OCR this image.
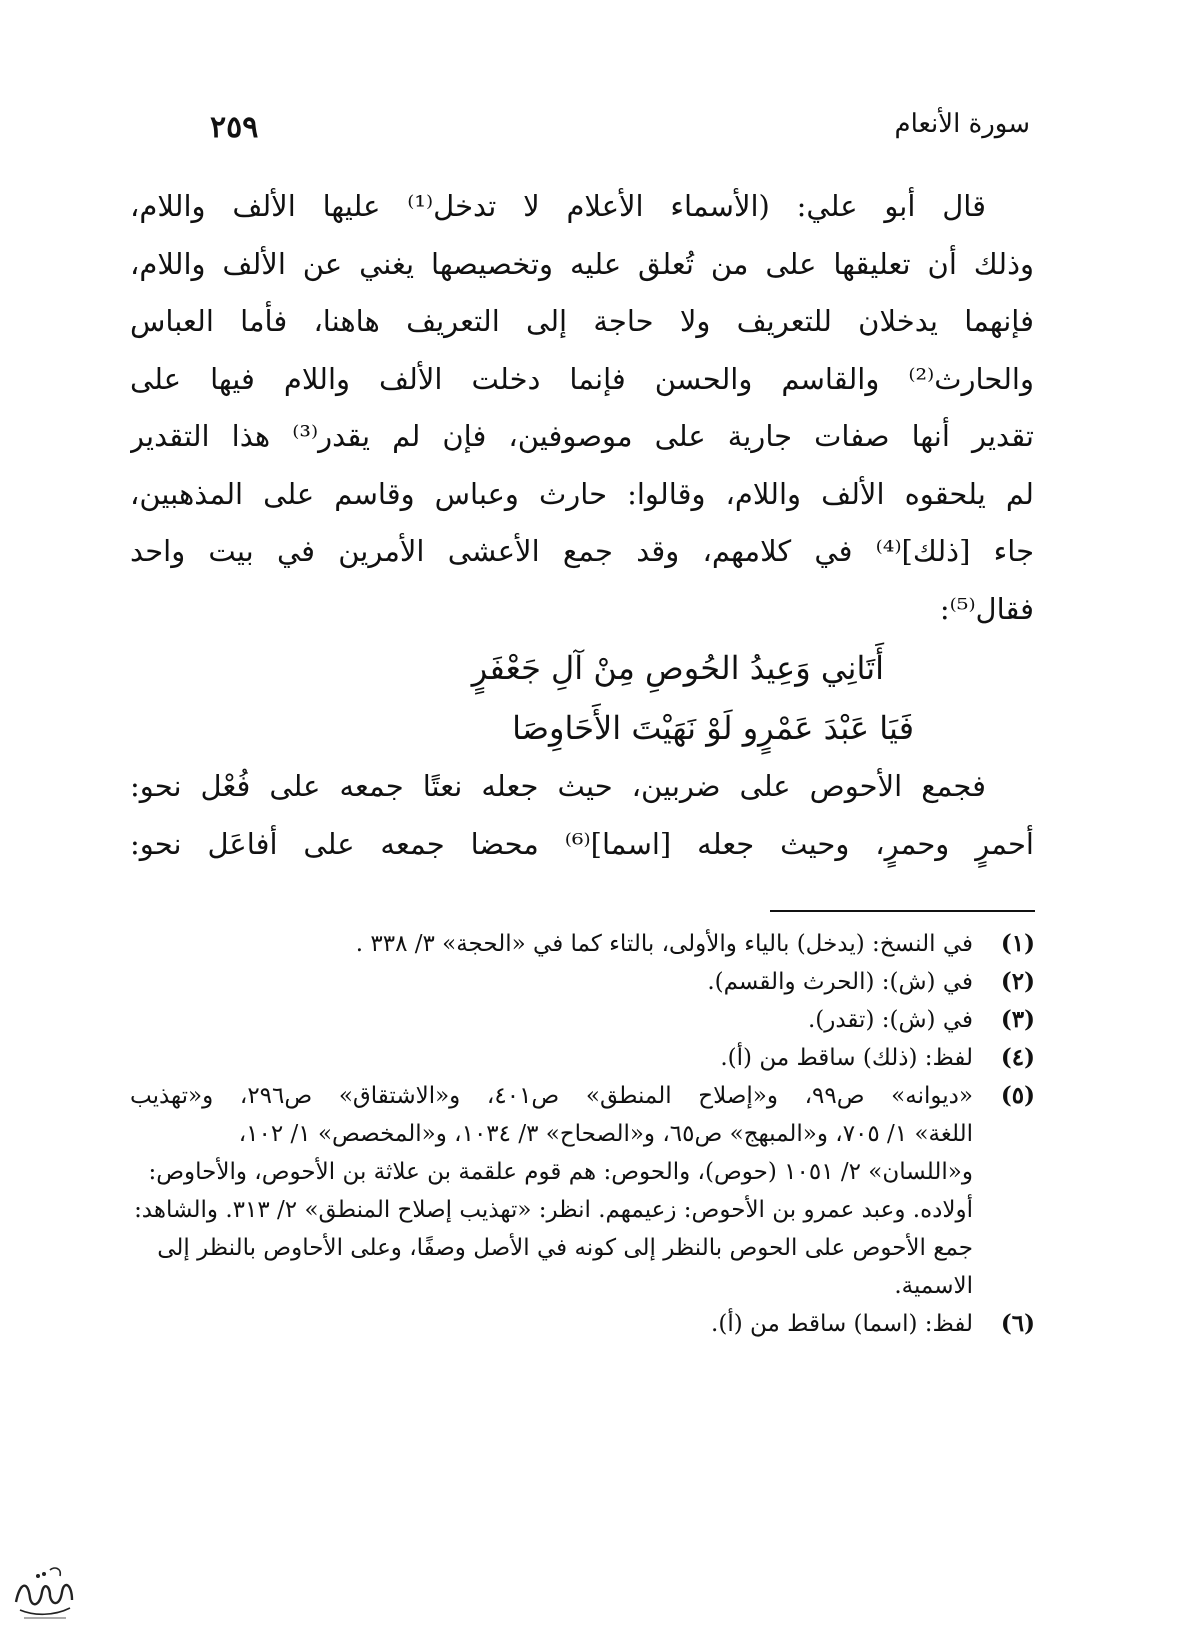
سورة الأنعام
٢٥٩

قال أبو علي: (الأسماء الأعلام لا تدخل⁽¹⁾ عليها الألف واللام،
وذلك أن تعليقها على من تُعلق عليه وتخصيصها يغني عن الألف واللام،
فإنهما يدخلان للتعريف ولا حاجة إلى التعريف هاهنا، فأما العباس
والحارث⁽²⁾ والقاسم والحسن فإنما دخلت الألف واللام فيها على
تقدير أنها صفات جارية على موصوفين، فإن لم يقدر⁽³⁾ هذا التقدير
لم يلحقوه الألف واللام، وقالوا: حارث وعباس وقاسم على المذهبين،
جاء [ذلك]⁽⁴⁾ في كلامهم، وقد جمع الأعشى الأمرين في بيت واحد
فقال⁽⁵⁾:

أَتَانِي وَعِيدُ الحُوصِ مِنْ آلِ جَعْفَرٍ
فَيَا عَبْدَ عَمْرٍو لَوْ نَهَيْتَ الأَحَاوِصَا

فجمع الأحوص على ضربين، حيث جعله نعتًا جمعه على فُعْل نحو:
أحمرٍ وحمرٍ، وحيث جعله [اسما]⁽⁶⁾ محضا جمعه على أفاعَل نحو:

(١)
في النسخ: (يدخل) بالياء والأولى، بالتاء كما في «الحجة» ٣/ ٣٣٨ .
(٢)
في (ش): (الحرث والقسم).
(٣)
في (ش): (تقدر).
(٤)
لفظ: (ذلك) ساقط من (أ).
(٥)
«ديوانه» ص٩٩، و«إصلاح المنطق» ص٤٠١، و«الاشتقاق» ص٢٩٦، و«تهذيب
اللغة» ١/ ٧٠٥، و«المبهج» ص٦٥، و«الصحاح» ٣/ ١٠٣٤، و«المخصص» ١/ ١٠٢، و«اللسان» ٢/ ١٠٥١ (حوص)، والحوص: هم قوم علقمة بن علاثة بن الأحوص، والأحاوص: أولاده. وعبد عمرو بن الأحوص: زعيمهم. انظر: «تهذيب إصلاح المنطق» ٢/ ٣١٣. والشاهد: جمع الأحوص على الحوص بالنظر إلى كونه في الأصل وصفًا، وعلى الأحاوص بالنظر إلى الاسمية.
(٦)
لفظ: (اسما) ساقط من (أ).
